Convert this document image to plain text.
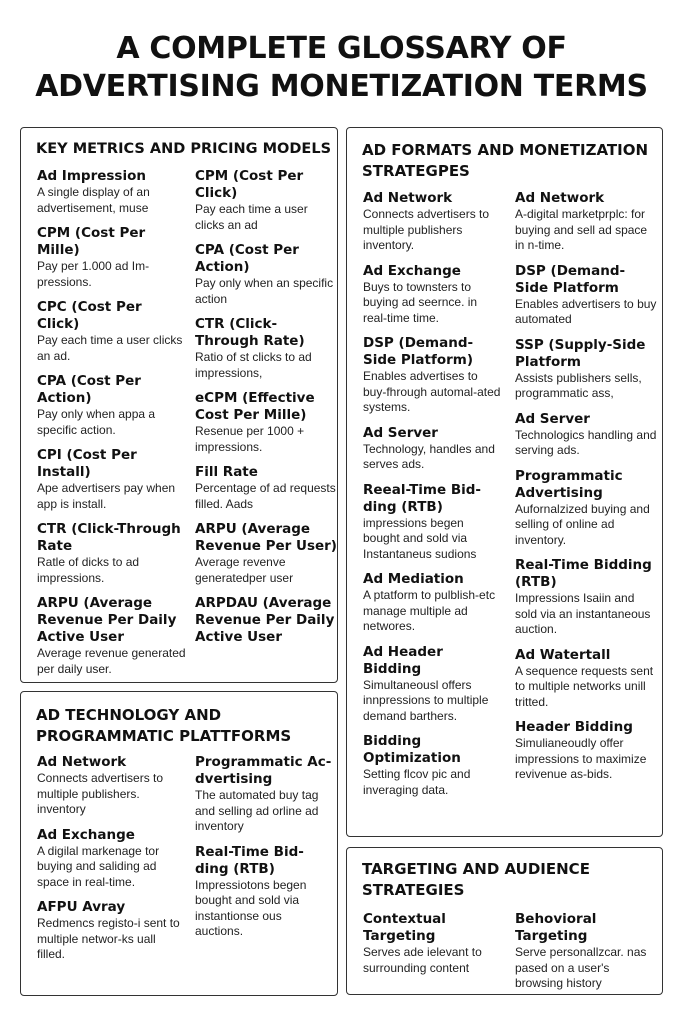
A COMPLETE GLOSSARY OF
ADVERTISING MONETIZATION TERMS
KEY METRICS AND PRICING MODELS
Ad Impression
A single display of an advertisement, muse
CPM (Cost Per Mille)
Pay per 1.000 ad Im-pressions.
CPC (Cost Per Click)
Pay each time a user clicks an ad.
CPA (Cost Per Action)
Pay only when appa a specific action.
CPI (Cost Per Install)
Ape advertisers pay when app is install.
CTR (Click-Through Rate
Ratle of dicks to ad impressions.
ARPU (Average Revenue Per Daily Active User
Average revenue generated per daily user.
CPM (Cost Per Click)
Pay each time a user clicks an ad
CPA (Cost Per Action)
Pay only when an specific action
CTR (Click-Through Rate)
Ratio of st clicks to ad impressions,
eCPM (Effective Cost Per Mille)
Resenue per 1000 + impressions.
Fill Rate
Percentage of ad requests filled. Aads
ARPU (Average Revenue Per User)
Average revenve generatedper user
ARPDAU (Average Revenue Per Daily Active User
AD FORMATS AND MONETIZATION STRATEGPES
Ad Network
Connects advertisers to multiple publishers inventory.
Ad Exchange
Buys to townsters to buying ad seernce. in real-time time.
DSP (Demand-Side Platform)
Enables advertises to buy-fhrough automal-ated systems.
Ad Server
Technology, handles and serves ads.
Reeal-Time Bid-ding (RTB)
impressions begen bought and sold via Instantaneus sudions
Ad Mediation
A ptatform to pulblish-etc manage multiple ad networes.
Ad Header Bidding
Simultaneousl offers innpressions to multiple demand barthers.
Bidding Optimization
Setting flcov pic and inveraging data.
Ad Network
A-digital marketprplc: for buying and sell ad space in n-time.
DSP (Demand-Side Platform
Enables advertisers to buy automated
SSP (Supply-Side Platform
Assists publishers sells, programmatic ass,
Ad Server
Technologics handling and serving ads.
Programmatic Advertising
Aufornalzized buying and selling of online ad inventory.
Real-Time Bidding (RTB)
Impressions Isaiin and sold via an instantaneous auction.
Ad Watertall
A sequence requests sent to multiple networks unill tritted.
Header Bidding
Simulianeoudly offer impressions to maximize revivenue as-bids.
AD TECHNOLOGY AND PROGRAMMATIC PLATTFORMS
Ad Network
Connects advertisers to multiple publishers. inventory
Ad Exchange
A digilal markenage tor buying and saliding ad space in real-time.
AFPU Avray
Redmencs registo-i sent to multiple networ-ks uall filled.
Programmatic Ac-dvertising
The automated buy tag and selling ad orline ad inventory
Real-Time Bid-ding (RTB)
Impressiotons begen bought and sold via instantionse ous auctions.
TARGETING AND AUDIENCE STRATEGIES
Contextual Targeting
Serves ade ielevant to surrounding content
Behovioral Targeting
Serve personallzcar. nas pased on a user's browsing history
